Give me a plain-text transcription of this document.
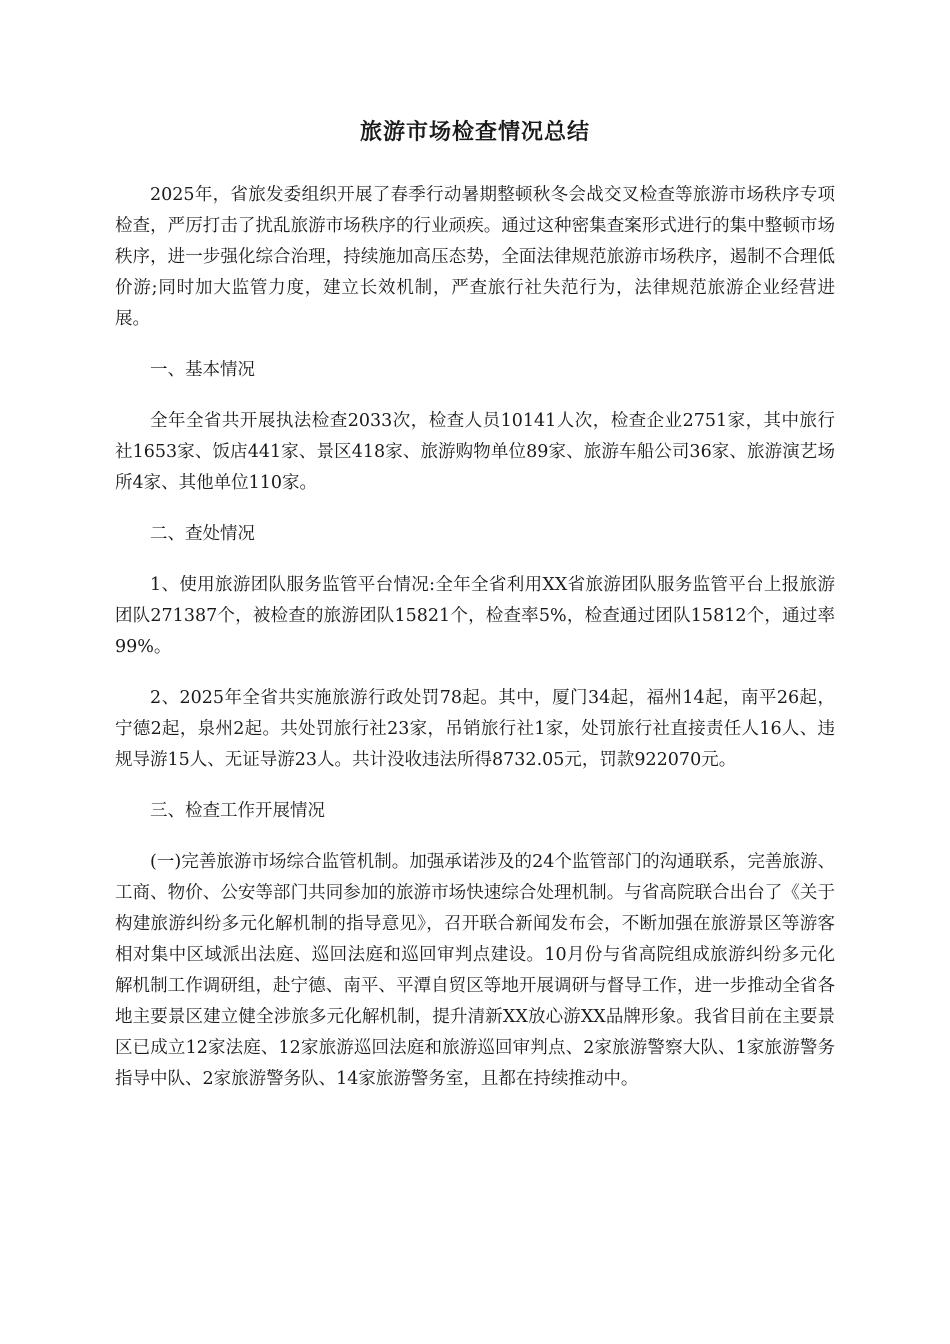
旅游市场检查情况总结

2025年，省旅发委组织开展了春季行动暑期整顿秋冬会战交叉检查等旅游市场秩序专项检查，严厉打击了扰乱旅游市场秩序的行业顽疾。通过这种密集查案形式进行的集中整顿市场秩序，进一步强化综合治理，持续施加高压态势，全面法律规范旅游市场秩序，遏制不合理低价游;同时加大监管力度，建立长效机制，严查旅行社失范行为，法律规范旅游企业经营进展。

一、基本情况

全年全省共开展执法检查2033次，检查人员10141人次，检查企业2751家，其中旅行社1653家、饭店441家、景区418家、旅游购物单位89家、旅游车船公司36家、旅游演艺场所4家、其他单位110家。

二、查处情况

1、使用旅游团队服务监管平台情况:全年全省利用XX省旅游团队服务监管平台上报旅游团队271387个，被检查的旅游团队15821个，检查率5%，检查通过团队15812个，通过率99%。

2、2025年全省共实施旅游行政处罚78起。其中，厦门34起，福州14起，南平26起，宁德2起，泉州2起。共处罚旅行社23家，吊销旅行社1家，处罚旅行社直接责任人16人、违规导游15人、无证导游23人。共计没收违法所得8732.05元，罚款922070元。

三、检查工作开展情况

(一)完善旅游市场综合监管机制。加强承诺涉及的24个监管部门的沟通联系，完善旅游、工商、物价、公安等部门共同参加的旅游市场快速综合处理机制。与省高院联合出台了《关于构建旅游纠纷多元化解机制的指导意见》，召开联合新闻发布会，不断加强在旅游景区等游客相对集中区域派出法庭、巡回法庭和巡回审判点建设。10月份与省高院组成旅游纠纷多元化解机制工作调研组，赴宁德、南平、平潭自贸区等地开展调研与督导工作，进一步推动全省各地主要景区建立健全涉旅多元化解机制，提升清新XX放心游XX品牌形象。我省目前在主要景区已成立12家法庭、12家旅游巡回法庭和旅游巡回审判点、2家旅游警察大队、1家旅游警务指导中队、2家旅游警务队、14家旅游警务室，且都在持续推动中。
